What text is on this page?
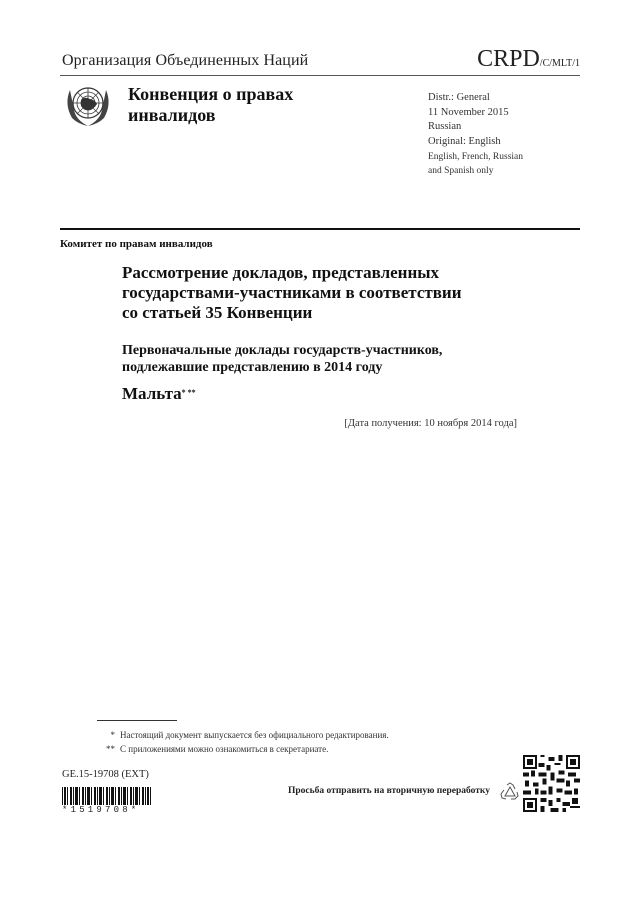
Организация Объединенных Наций	CRPD/C/MLT/1
Конвенция о правах
инвалидов
Distr.: General
11 November 2015
Russian
Original: English
English, French, Russian
and Spanish only
Комитет по правам инвалидов
Рассмотрение докладов, представленных
государствами-участниками в соответствии
со статьей 35 Конвенции
Первоначальные доклады государств-участников,
подлежавшие представлению в 2014 году
Мальта* **
[Дата получения: 10 ноября 2014 года]
* Настоящий документ выпускается без официального редактирования.
** С приложениями можно ознакомиться в секретариате.
GE.15-19708 (EXT)
*1519708*
Просьба отправить на вторичную переработку
